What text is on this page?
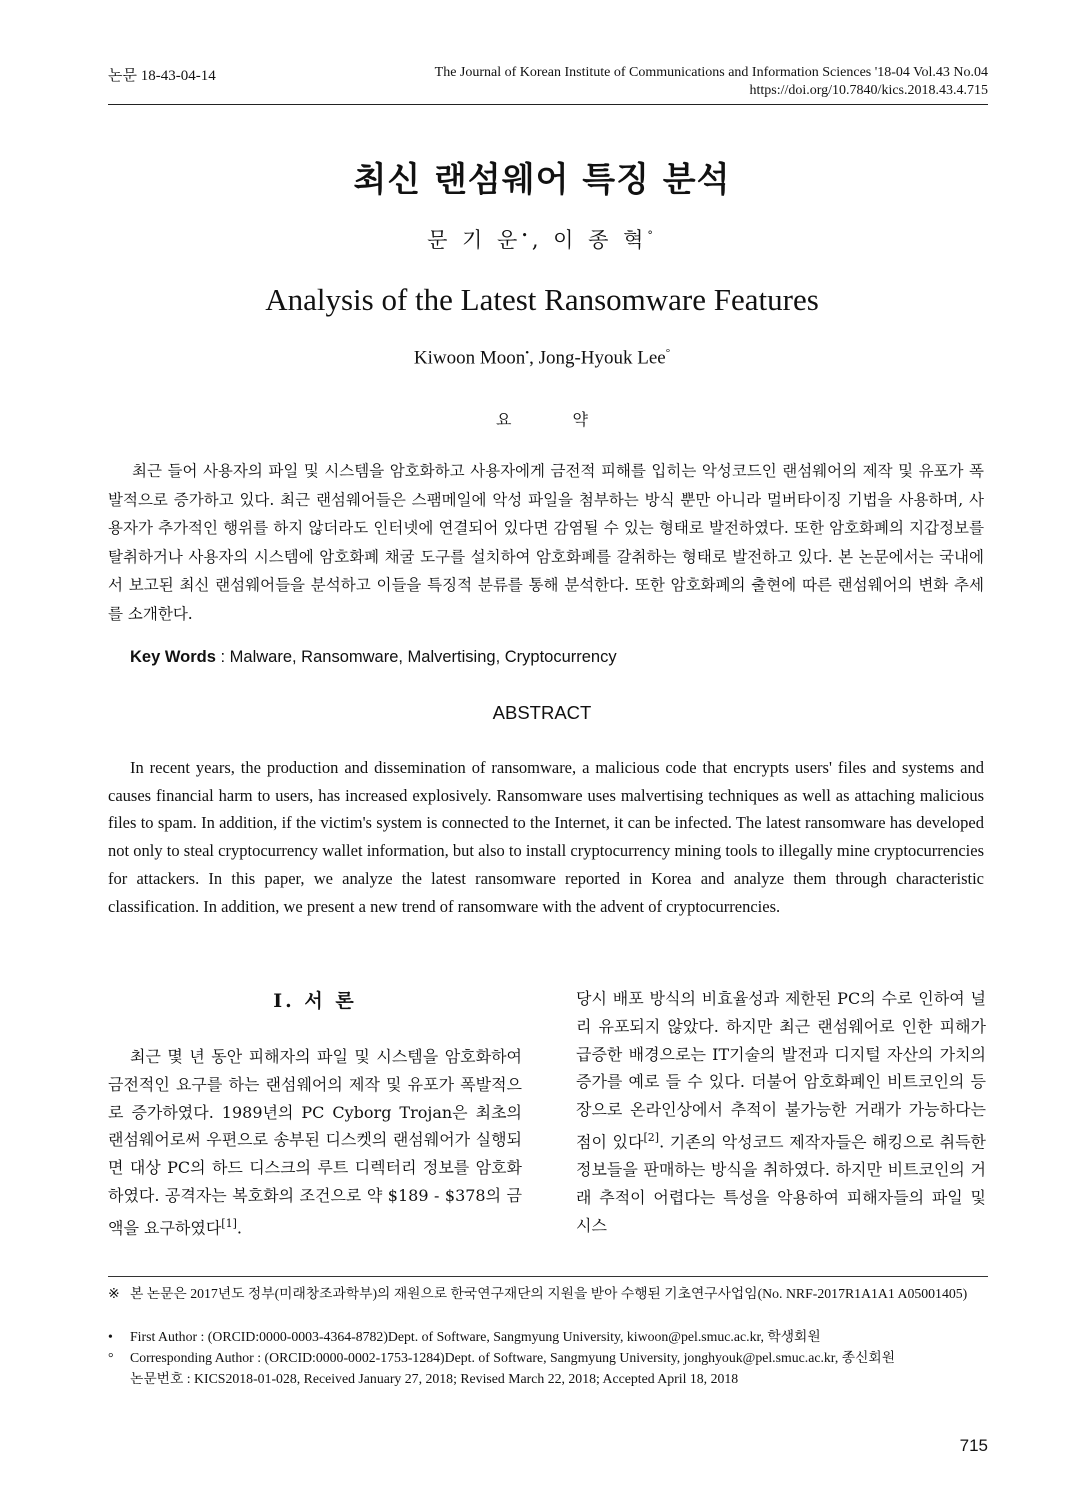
논문 18-43-04-14	The Journal of Korean Institute of Communications and Information Sciences '18-04 Vol.43 No.04
https://doi.org/10.7840/kics.2018.43.4.715
최신 랜섬웨어 특징 분석
문 기 운•, 이 종 혁°
Analysis of the Latest Ransomware Features
Kiwoon Moon•, Jong-Hyouk Lee°
요 약

최근 들어 사용자의 파일 및 시스템을 암호화하고 사용자에게 금전적 피해를 입히는 악성코드인 랜섬웨어의 제작 및 유포가 폭발적으로 증가하고 있다. 최근 랜섬웨어들은 스팸메일에 악성 파일을 첨부하는 방식 뿐만 아니라 멀버타이징 기법을 사용하며, 사용자가 추가적인 행위를 하지 않더라도 인터넷에 연결되어 있다면 감염될 수 있는 형태로 발전하였다. 또한 암호화폐의 지갑정보를 탈취하거나 사용자의 시스템에 암호화폐 채굴 도구를 설치하여 암호화폐를 갈취하는 형태로 발전하고 있다. 본 논문에서는 국내에서 보고된 최신 랜섬웨어들을 분석하고 이들을 특징적 분류를 통해 분석한다. 또한 암호화폐의 출현에 따른 랜섬웨어의 변화 추세를 소개한다.

Key Words : Malware, Ransomware, Malvertising, Cryptocurrency
ABSTRACT

In recent years, the production and dissemination of ransomware, a malicious code that encrypts users' files and systems and causes financial harm to users, has increased explosively. Ransomware uses malvertising techniques as well as attaching malicious files to spam. In addition, if the victim's system is connected to the Internet, it can be infected. The latest ransomware has developed not only to steal cryptocurrency wallet information, but also to install cryptocurrency mining tools to illegally mine cryptocurrencies for attackers. In this paper, we analyze the latest ransomware reported in Korea and analyze them through characteristic classification. In addition, we present a new trend of ransomware with the advent of cryptocurrencies.

Ⅰ. 서 론

최근 몇 년 동안 피해자의 파일 및 시스템을 암호화하여 금전적인 요구를 하는 랜섬웨어의 제작 및 유포가 폭발적으로 증가하였다. 1989년의 PC Cyborg Trojan은 최초의 랜섬웨어로써 우편으로 송부된 디스켓의 랜섬웨어가 실행되면 대상 PC의 하드 디스크의 루트 디렉터리 정보를 암호화하였다. 공격자는 복호화의 조건으로 약 $189 - $378의 금액을 요구하였다[1].

당시 배포 방식의 비효율성과 제한된 PC의 수로 인하여 널리 유포되지 않았다. 하지만 최근 랜섬웨어로 인한 피해가 급증한 배경으로는 IT기술의 발전과 디지털 자산의 가치의 증가를 예로 들 수 있다. 더불어 암호화폐인 비트코인의 등장으로 온라인상에서 추적이 불가능한 거래가 가능하다는 점이 있다[2]. 기존의 악성코드 제작자들은 해킹으로 취득한 정보들을 판매하는 방식을 취하였다. 하지만 비트코인의 거래 추적이 어렵다는 특성을 악용하여 피해자들의 파일 및 시스

※ 본 논문은 2017년도 정부(미래창조과학부)의 재원으로 한국연구재단의 지원을 받아 수행된 기초연구사업임(No. NRF-2017R1A1A1 A05001405)
• First Author : (ORCID:0000-0003-4364-8782)Dept. of Software, Sangmyung University, kiwoon@pel.smuc.ac.kr, 학생회원
° Corresponding Author : (ORCID:0000-0002-1753-1284)Dept. of Software, Sangmyung University, jonghyouk@pel.smuc.ac.kr, 종신회원
논문번호 : KICS2018-01-028, Received January 27, 2018; Revised March 22, 2018; Accepted April 18, 2018
715
